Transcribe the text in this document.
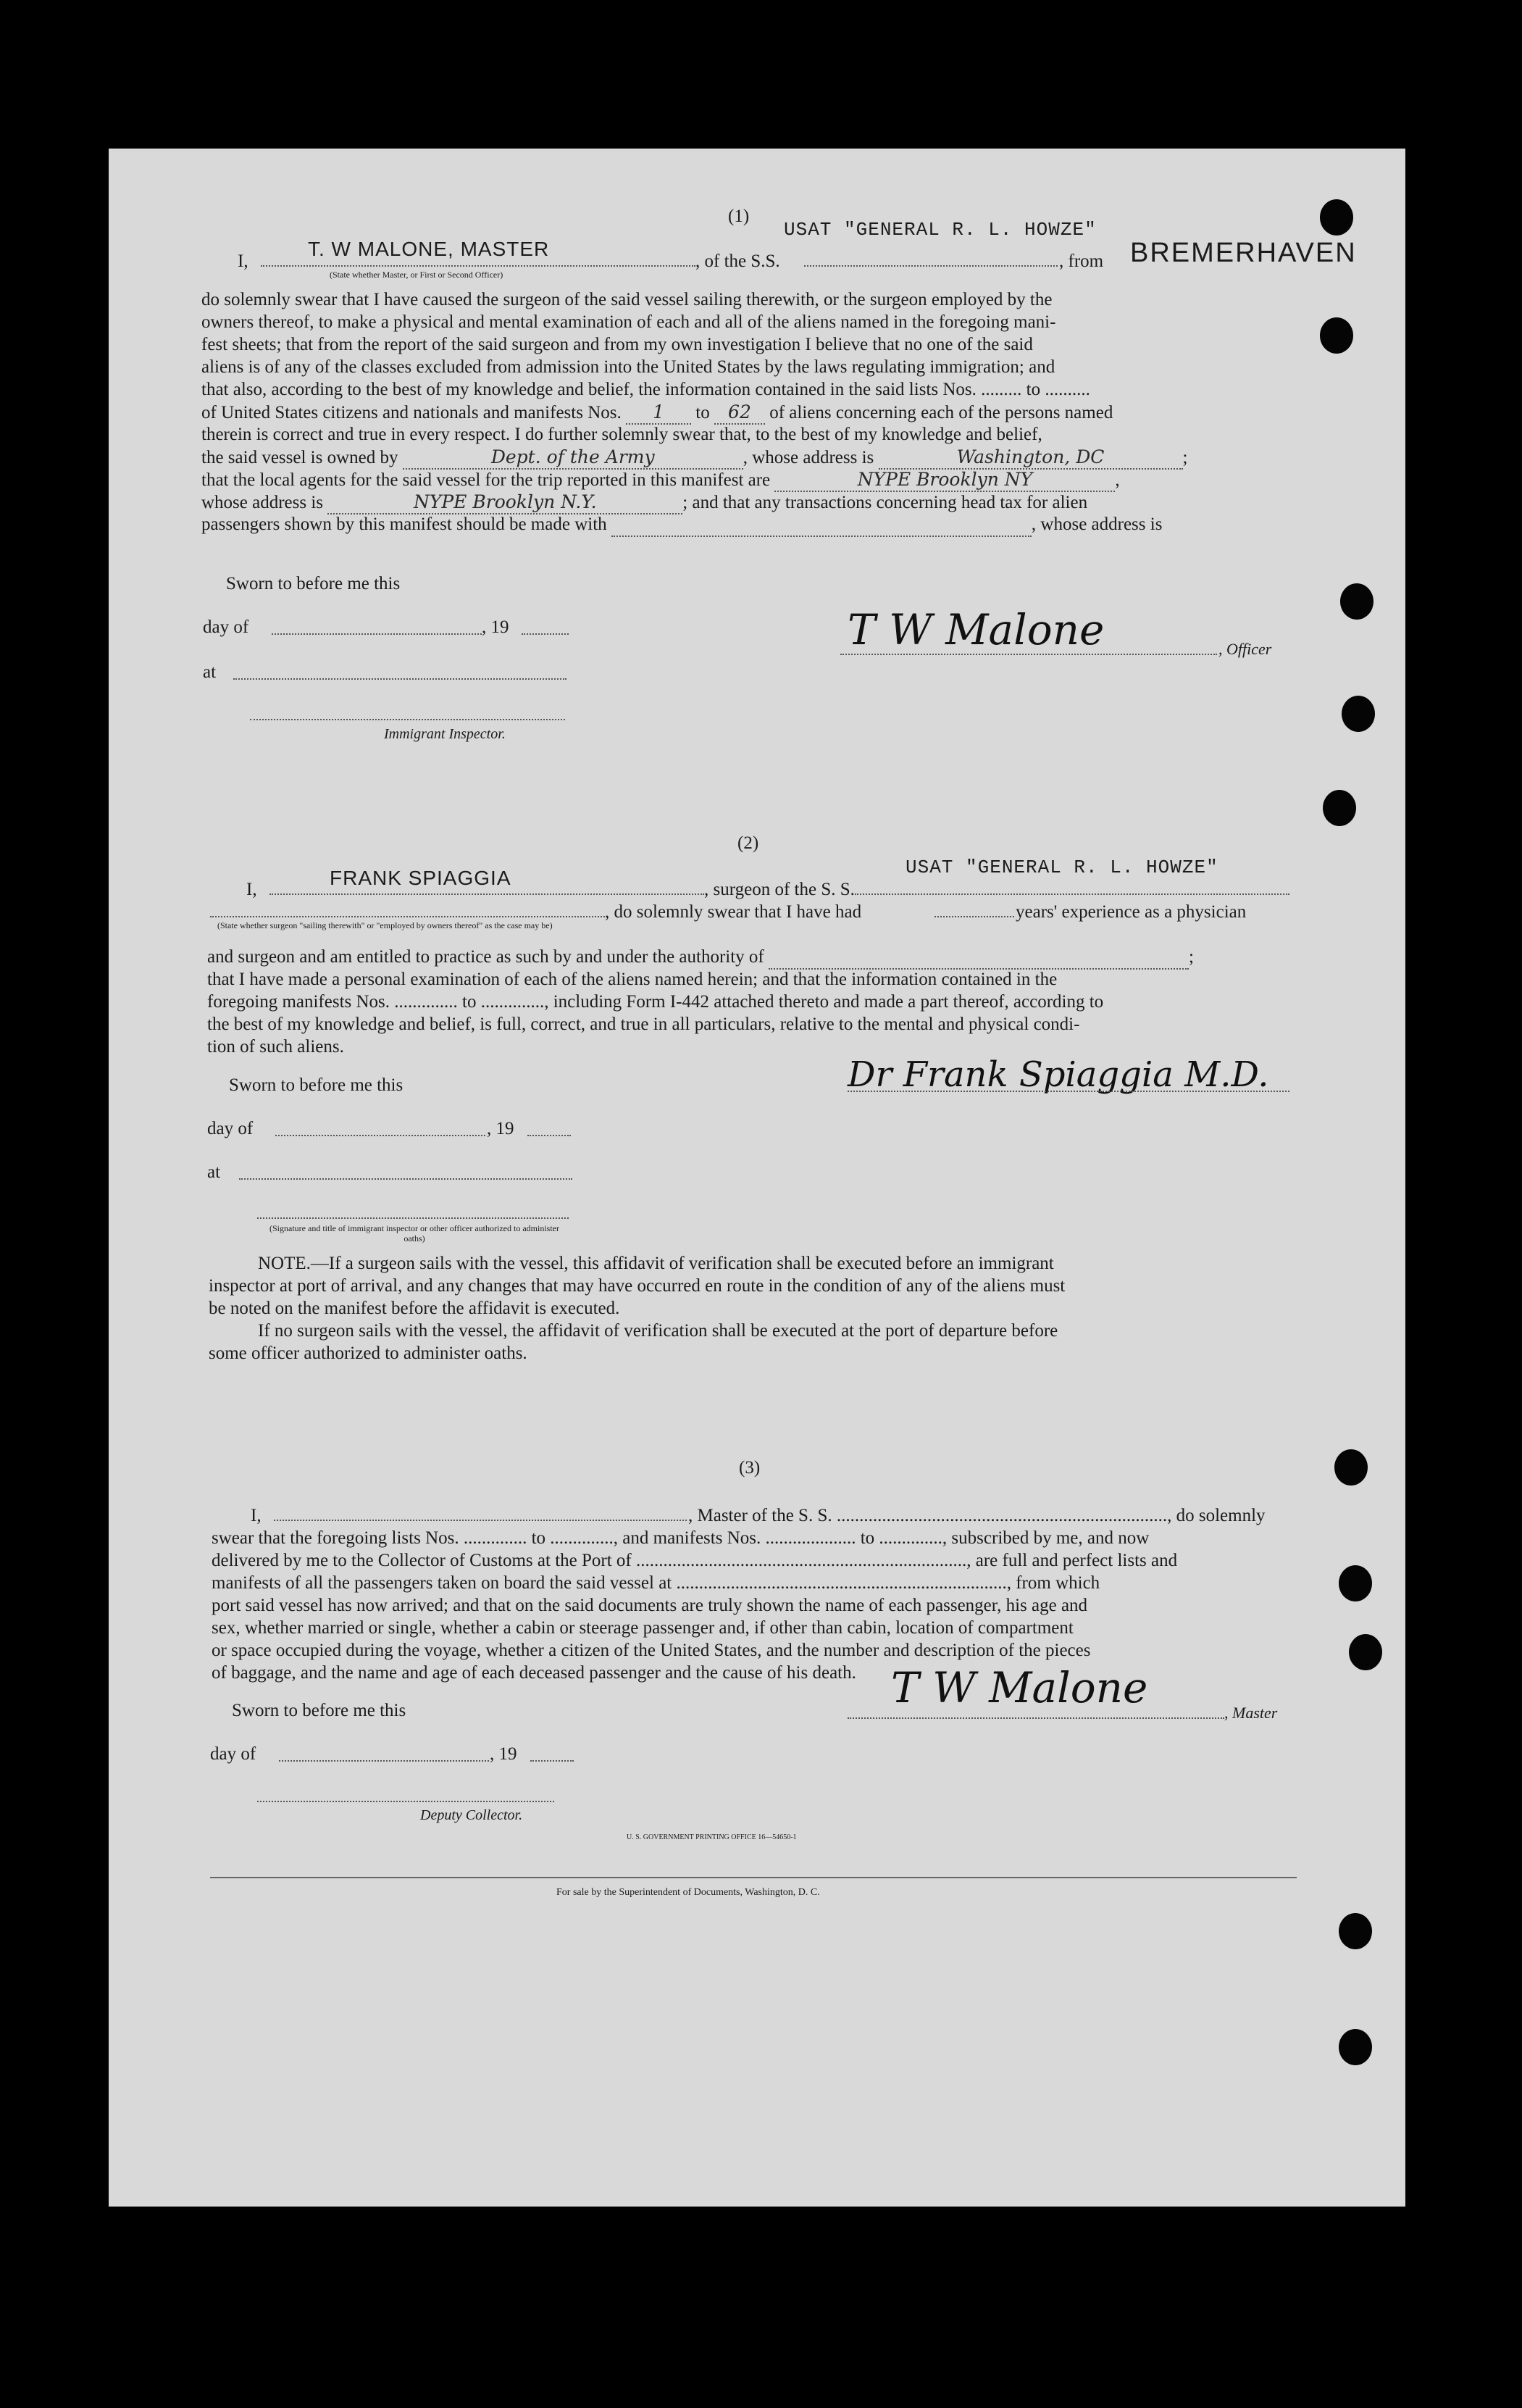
(1)
I,
T. W MALONE, MASTER
(State whether Master, or First or Second Officer)
USAT "GENERAL R. L. HOWZE"
, of the S.S.	, from BREMERHAVEN
do solemnly swear that I have caused the surgeon of the said vessel sailing therewith, or the surgeon employed by the
owners thereof, to make a physical and mental examination of each and all of the aliens named in the foregoing mani-
fest sheets; that from the report of the said surgeon and from my own investigation I believe that no one of the said
aliens is of any of the classes excluded from admission into the United States by the laws regulating immigration; and
that also, according to the best of my knowledge and belief, the information contained in the said lists Nos. ......... to ..........
of United States citizens and nationals and manifests Nos. 1 to 62 of aliens concerning each of the persons named
therein is correct and true in every respect. I do further solemnly swear that, to the best of my knowledge and belief,
the said vessel is owned by	Dept. of the Army	, whose address is	Washington, DC	;
that the local agents for the said vessel for the trip reported in this manifest are	NYPE Brooklyn NY	,
whose address is	NYPE Brooklyn N.Y.	; and that any transactions concerning head tax for alien
passengers shown by this manifest should be made with	, whose address is
Sworn to before me this
day of	, 19
at
Immigrant Inspector.
T W Malone	, Officer
(2)
I,
FRANK SPIAGGIA
, surgeon of the S. S.
USAT "GENERAL R. L. HOWZE"
, do solemnly swear that I have had	years' experience as a physician
(State whether surgeon "sailing therewith" or "employed by owners thereof" as the case may be)
and surgeon and am entitled to practice as such by and under the authority of	;
that I have made a personal examination of each of the aliens named herein; and that the information contained in the
foregoing manifests Nos. .............. to .............., including Form I-442 attached thereto and made a part thereof, according to
the best of my knowledge and belief, is full, correct, and true in all particulars, relative to the mental and physical condi-
tion of such aliens.
Sworn to before me this
day of	, 19
at
(Signature and title of immigrant inspector or other officer authorized to administer oaths)
Dr Frank Spiaggia M.D.
NOTE.—If a surgeon sails with the vessel, this affidavit of verification shall be executed before an immigrant
inspector at port of arrival, and any changes that may have occurred en route in the condition of any of the aliens must
be noted on the manifest before the affidavit is executed.
If no surgeon sails with the vessel, the affidavit of verification shall be executed at the port of departure before
some officer authorized to administer oaths.
(3)
I,	, Master of the S. S. ........................................................................., do solemnly
swear that the foregoing lists Nos. .............. to .............., and manifests Nos. .................... to .............., subscribed by me, and now
delivered by me to the Collector of Customs at the Port of ........................................................................., are full and perfect lists and
manifests of all the passengers taken on board the said vessel at ........................................................................., from which
port said vessel has now arrived; and that on the said documents are truly shown the name of each passenger, his age and
sex, whether married or single, whether a cabin or steerage passenger and, if other than cabin, location of compartment
or space occupied during the voyage, whether a citizen of the United States, and the number and description of the pieces
of baggage, and the name and age of each deceased passenger and the cause of his death.
Sworn to before me this
day of	, 19
Deputy Collector.
T W Malone
, Master
U. S. GOVERNMENT PRINTING OFFICE 16—54650-1
For sale by the Superintendent of Documents, Washington, D. C.
